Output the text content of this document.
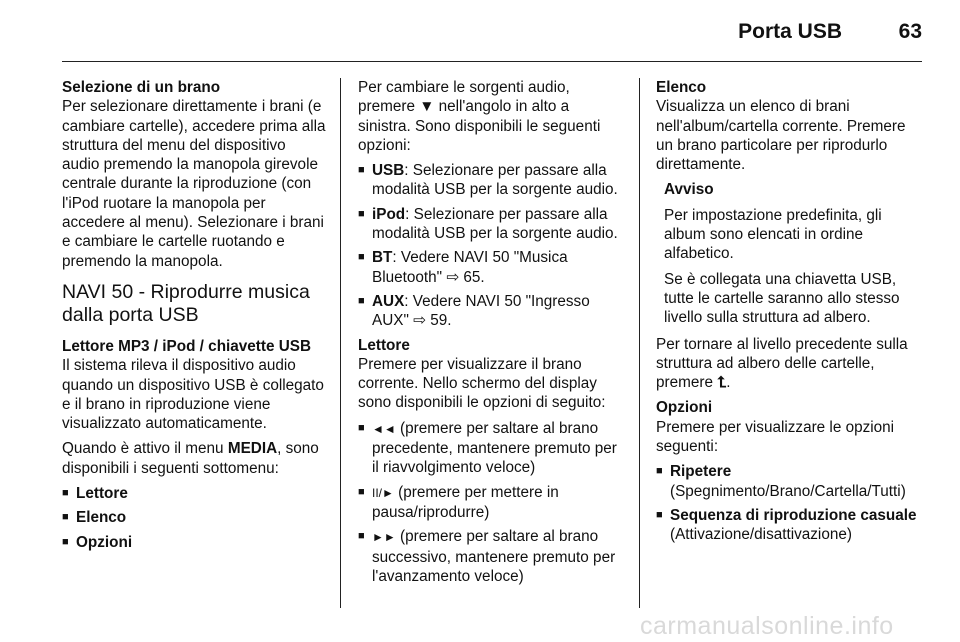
Porta USB	63

Selezione di un brano

Per selezionare direttamente i brani (e cambiare cartelle), accedere prima alla struttura del menu del dispositivo audio premendo la manopola girevole centrale durante la riproduzione (con l'iPod ruotare la manopola per accedere al menu). Selezionare i brani e cambiare le cartelle ruotando e premendo la manopola.

NAVI 50 - Riprodurre musica dalla porta USB

Lettore MP3 / iPod / chiavette USB

Il sistema rileva il dispositivo audio quando un dispositivo USB è collegato e il brano in riproduzione viene visualizzato automaticamente.

Quando è attivo il menu MEDIA, sono disponibili i seguenti sottomenu:

■ Lettore
■ Elenco
■ Opzioni

Per cambiare le sorgenti audio, premere ▼ nell'angolo in alto a sinistra. Sono disponibili le seguenti opzioni:

■ USB: Selezionare per passare alla modalità USB per la sorgente audio.
■ iPod: Selezionare per passare alla modalità USB per la sorgente audio.
■ BT: Vedere NAVI 50 "Musica Bluetooth" ⇨ 65.
■ AUX: Vedere NAVI 50 "Ingresso AUX" ⇨ 59.

Lettore

Premere per visualizzare il brano corrente. Nello schermo del display sono disponibili le opzioni di seguito:

■ ◄◄ (premere per saltare al brano precedente, mantenere premuto per il riavvolgimento veloce)
■ II/► (premere per mettere in pausa/riprodurre)
■ ►► (premere per saltare al brano successivo, mantenere premuto per l'avanzamento veloce)

Elenco

Visualizza un elenco di brani nell'album/cartella corrente. Premere un brano particolare per riprodurlo direttamente.

Avviso

Per impostazione predefinita, gli album sono elencati in ordine alfabetico.

Se è collegata una chiavetta USB, tutte le cartelle saranno allo stesso livello sulla struttura ad albero.

Per tornare al livello precedente sulla struttura ad albero delle cartelle, premere ⮤.

Opzioni

Premere per visualizzare le opzioni seguenti:

■ Ripetere (Spegnimento/Brano/Cartella/Tutti)
■ Sequenza di riproduzione casuale (Attivazione/disattivazione)
carmanualsonline.info
